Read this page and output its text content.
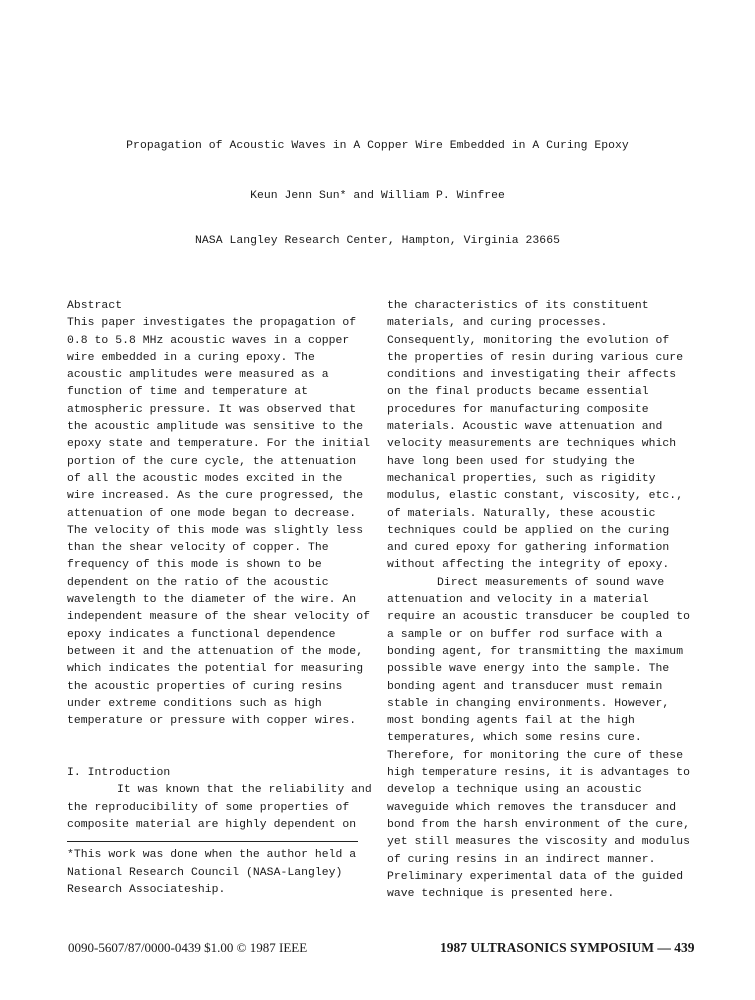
Propagation of Acoustic Waves in A Copper Wire Embedded in A Curing Epoxy
Keun Jenn Sun* and William P. Winfree
NASA Langley Research Center, Hampton, Virginia 23665
Abstract
This paper investigates the propagation of
0.8 to 5.8 MHz acoustic waves in a copper
wire embedded in a curing epoxy. The
acoustic amplitudes were measured as a
function of time and temperature at
atmospheric pressure. It was observed that
the acoustic amplitude was sensitive to the
epoxy state and temperature. For the initial
portion of the cure cycle, the attenuation
of all the acoustic modes excited in the
wire increased. As the cure progressed, the
attenuation of one mode began to decrease.
The velocity of this mode was slightly less
than the shear velocity of copper. The
frequency of this mode is shown to be
dependent on the ratio of the acoustic
wavelength to the diameter of the wire. An
independent measure of the shear velocity of
epoxy indicates a functional dependence
between it and the attenuation of the mode,
which indicates the potential for measuring
the acoustic properties of curing resins
under extreme conditions such as high
temperature or pressure with copper wires.
I. Introduction
It was known that the reliability and
the reproducibility of some properties of
composite material are highly dependent on
*This work was done when the author held a
National Research Council (NASA-Langley)
Research Associateship.
the characteristics of its constituent
materials, and curing processes.
Consequently, monitoring the evolution of
the properties of resin during various cure
conditions and investigating their affects
on the final products became essential
procedures for manufacturing composite
materials. Acoustic wave attenuation and
velocity measurements are techniques which
have long been used for studying the
mechanical properties, such as rigidity
modulus, elastic constant, viscosity, etc.,
of materials. Naturally, these acoustic
techniques could be applied on the curing
and cured epoxy for gathering information
without affecting the integrity of epoxy.
Direct measurements of sound wave
attenuation and velocity in a material
require an acoustic transducer be coupled to
a sample or on buffer rod surface with a
bonding agent, for transmitting the maximum
possible wave energy into the sample. The
bonding agent and transducer must remain
stable in changing environments. However,
most bonding agents fail at the high
temperatures, which some resins cure.
Therefore, for monitoring the cure of these
high temperature resins, it is advantages to
develop a technique using an acoustic
waveguide which removes the transducer and
bond from the harsh environment of the cure,
yet still measures the viscosity and modulus
of curing resins in an indirect manner.
Preliminary experimental data of the guided
wave technique is presented here.
0090-5607/87/0000-0439 $1.00 © 1987 IEEE	1987 ULTRASONICS SYMPOSIUM — 439
